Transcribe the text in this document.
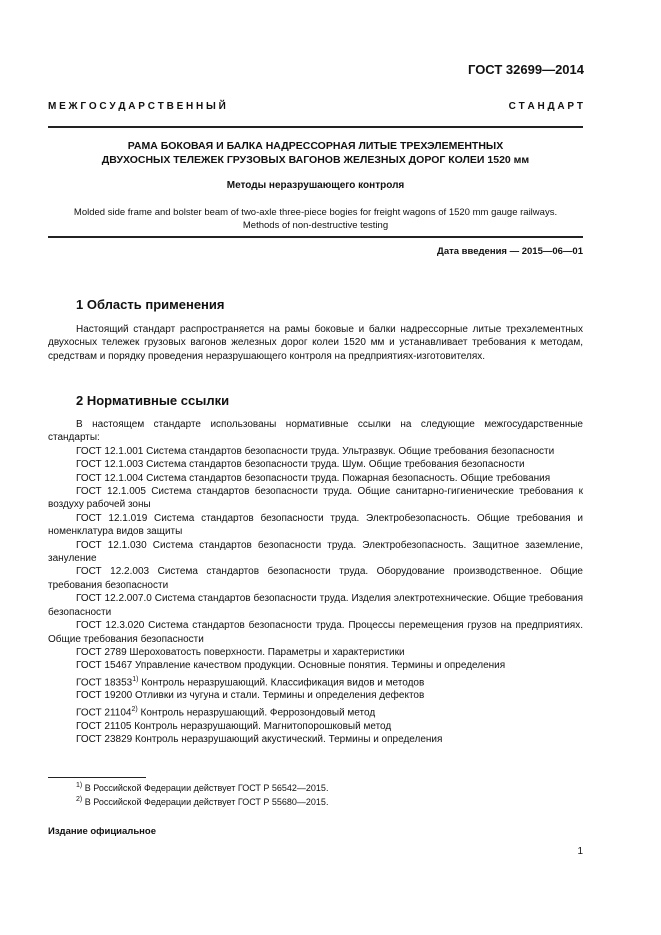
ГОСТ 32699—2014
М Е Ж Г О С У Д А Р С Т В Е Н Н Ы Й	С Т А Н Д А Р Т
РАМА БОКОВАЯ И БАЛКА НАДРЕССОРНАЯ ЛИТЫЕ ТРЕХЭЛЕМЕНТНЫХ
ДВУХОСНЫХ ТЕЛЕЖЕК ГРУЗОВЫХ ВАГОНОВ ЖЕЛЕЗНЫХ ДОРОГ КОЛЕИ 1520 мм
Методы неразрушающего контроля
Molded side frame and bolster beam of two-axle three-piece bogies for freight wagons of 1520 mm gauge railways.
Methods of non-destructive testing
Дата введения — 2015—06—01
1 Область применения

Настоящий стандарт распространяется на рамы боковые и балки надрессорные литые трехэлементных двухосных тележек грузовых вагонов железных дорог колеи 1520 мм и устанавливает требования к методам, средствам и порядку проведения неразрушающего контроля на предприятиях-изготовителях.

2 Нормативные ссылки

В настоящем стандарте использованы нормативные ссылки на следующие межгосударственные стандарты:

ГОСТ 12.1.001 Система стандартов безопасности труда. Ультразвук. Общие требования безопасности

ГОСТ 12.1.003 Система стандартов безопасности труда. Шум. Общие требования безопасности

ГОСТ 12.1.004 Система стандартов безопасности труда. Пожарная безопасность. Общие требования

ГОСТ 12.1.005 Система стандартов безопасности труда. Общие санитарно-гигиенические требования к воздуху рабочей зоны

ГОСТ 12.1.019 Система стандартов безопасности труда. Электробезопасность. Общие требования и номенклатура видов защиты

ГОСТ 12.1.030 Система стандартов безопасности труда. Электробезопасность. Защитное заземление, зануление

ГОСТ 12.2.003 Система стандартов безопасности труда. Оборудование производственное. Общие требования безопасности

ГОСТ 12.2.007.0 Система стандартов безопасности труда. Изделия электротехнические. Общие требования безопасности

ГОСТ 12.3.020 Система стандартов безопасности труда. Процессы перемещения грузов на предприятиях. Общие требования безопасности

ГОСТ 2789 Шероховатость поверхности. Параметры и характеристики

ГОСТ 15467 Управление качеством продукции. Основные понятия. Термины и определения

ГОСТ 18353$^{1)}$ Контроль неразрушающий. Классификация видов и методов

ГОСТ 19200 Отливки из чугуна и стали. Термины и определения дефектов

ГОСТ 21104$^{2)}$ Контроль неразрушающий. Феррозондовый метод

ГОСТ 21105 Контроль неразрушающий. Магнитопорошковый метод

ГОСТ 23829 Контроль неразрушающий акустический. Термины и определения

$^{1)}$ В Российской Федерации действует ГОСТ Р 56542—2015.
$^{2)}$ В Российской Федерации действует ГОСТ Р 55680—2015.
Издание официальное
1
